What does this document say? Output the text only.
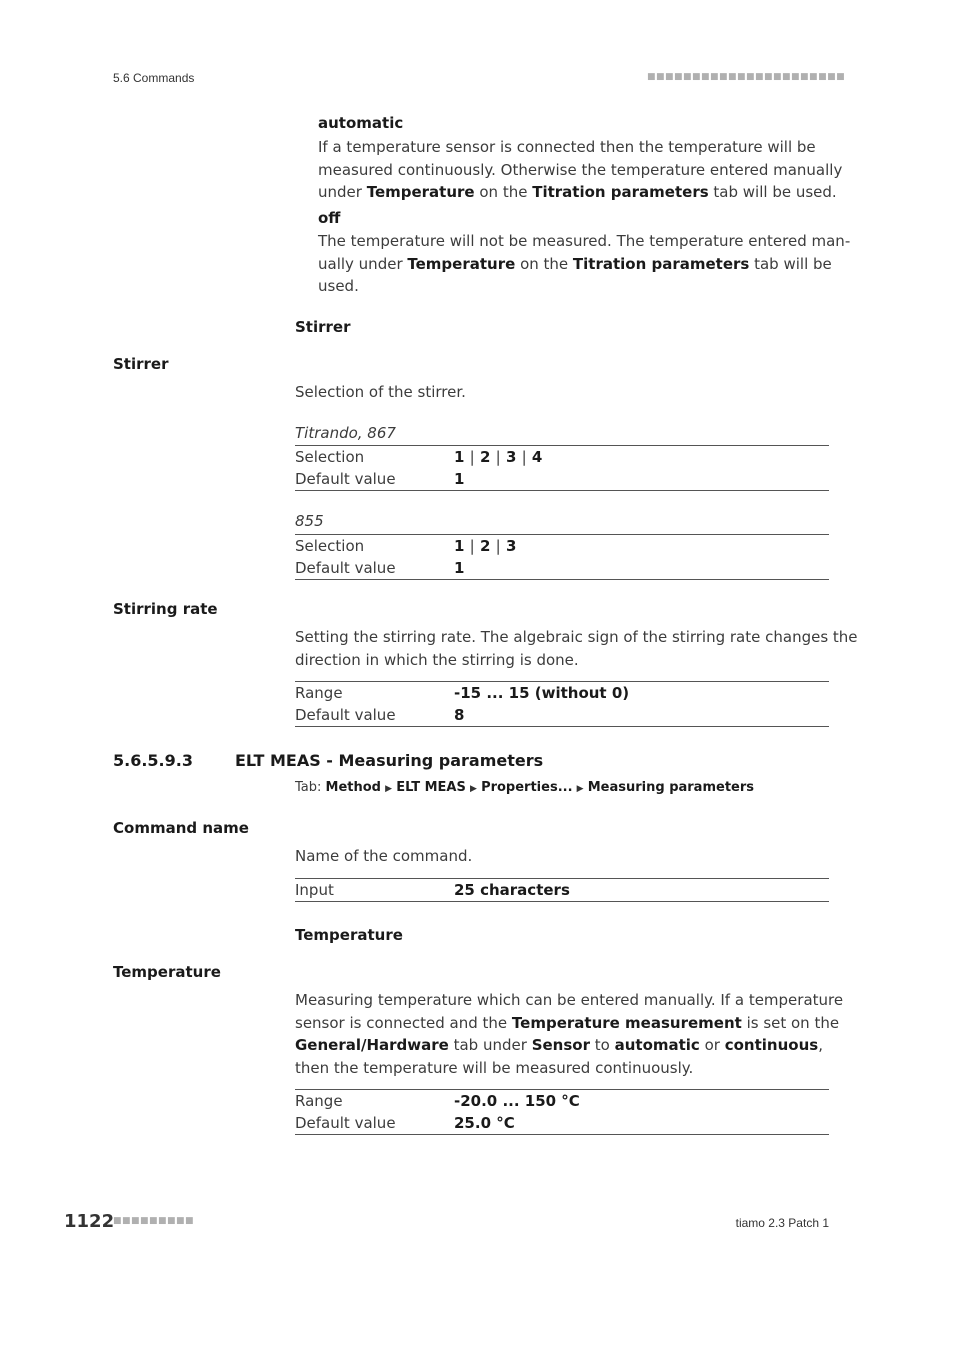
5.6 Commands	■■■■■■■■■■■■■■■■■■■■■■
automatic
If a temperature sensor is connected then the temperature will be
measured continuously. Otherwise the temperature entered manually
under Temperature on the Titration parameters tab will be used.
off
The temperature will not be measured. The temperature entered man-
ually under Temperature on the Titration parameters tab will be
used.
Stirrer
Stirrer
Selection of the stirrer.
Titrando, 867
Selection	1 | 2 | 3 | 4
Default value	1
855
Selection	1 | 2 | 3
Default value	1
Stirring rate
Setting the stirring rate. The algebraic sign of the stirring rate changes the
direction in which the stirring is done.
Range	-15 ... 15 (without 0)
Default value	8
5.6.5.9.3	ELT MEAS - Measuring parameters
Tab: Method ▶ ELT MEAS ▶ Properties... ▶ Measuring parameters
Command name
Name of the command.
Input	25 characters
Temperature
Temperature
Measuring temperature which can be entered manually. If a temperature
sensor is connected and the Temperature measurement is set on the
General/Hardware tab under Sensor to automatic or continuous,
then the temperature will be measured continuously.
Range	-20.0 ... 150 °C
Default value	25.0 °C
1122
■■■■■■■■■	tiamo 2.3 Patch 1
